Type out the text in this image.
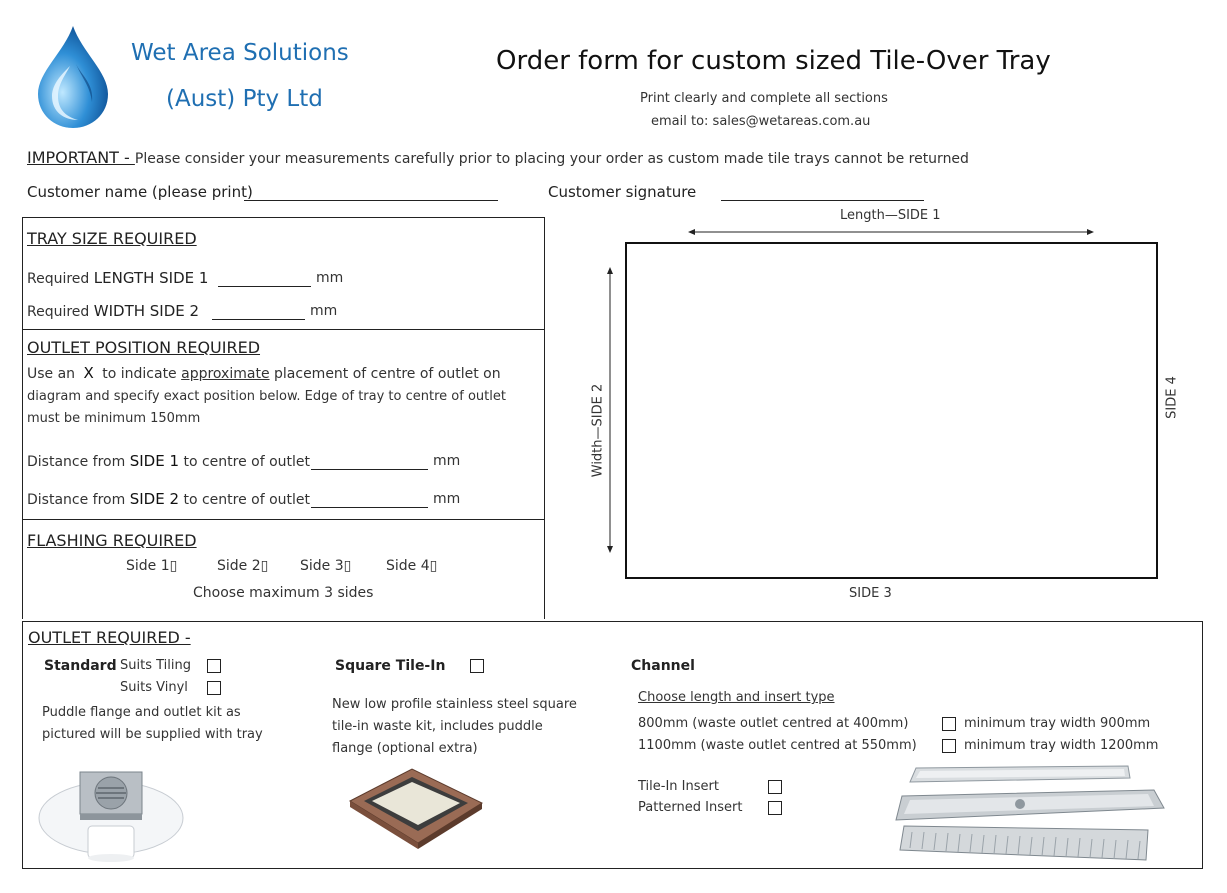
Wet Area Solutions
(Aust) Pty Ltd
Order form for custom sized Tile-Over Tray
Print clearly and complete all sections
email to: sales@wetareas.com.au
IMPORTANT - Please consider your measurements carefully prior to placing your order as custom made tile trays cannot be returned
Customer name (please print)	Customer signature
TRAY SIZE REQUIRED
Required LENGTH SIDE 1	mm
Required WIDTH SIDE 2	mm
OUTLET POSITION REQUIRED
Use an X to indicate approximate placement of centre of outlet on
diagram and specify exact position below. Edge of tray to centre of outlet
must be minimum 150mm
Distance from SIDE 1 to centre of outlet	mm
Distance from SIDE 2 to centre of outlet	mm
FLASHING REQUIRED
Side 1▯	Side 2▯ Side 3▯ Side 4▯
Choose maximum 3 sides
Length—SIDE 1
Width—SIDE 2	SIDE 4
SIDE 3
OUTLET REQUIRED -
Standard Suits Tiling
Suits Vinyl
Puddle flange and outlet kit as
pictured will be supplied with tray
Square Tile-In
New low profile stainless steel square
tile-in waste kit, includes puddle
flange (optional extra)
Channel
Choose length and insert type
800mm (waste outlet centred at 400mm)	minimum tray width 900mm
1100mm (waste outlet centred at 550mm)	minimum tray width 1200mm
Tile-In Insert
Patterned Insert
